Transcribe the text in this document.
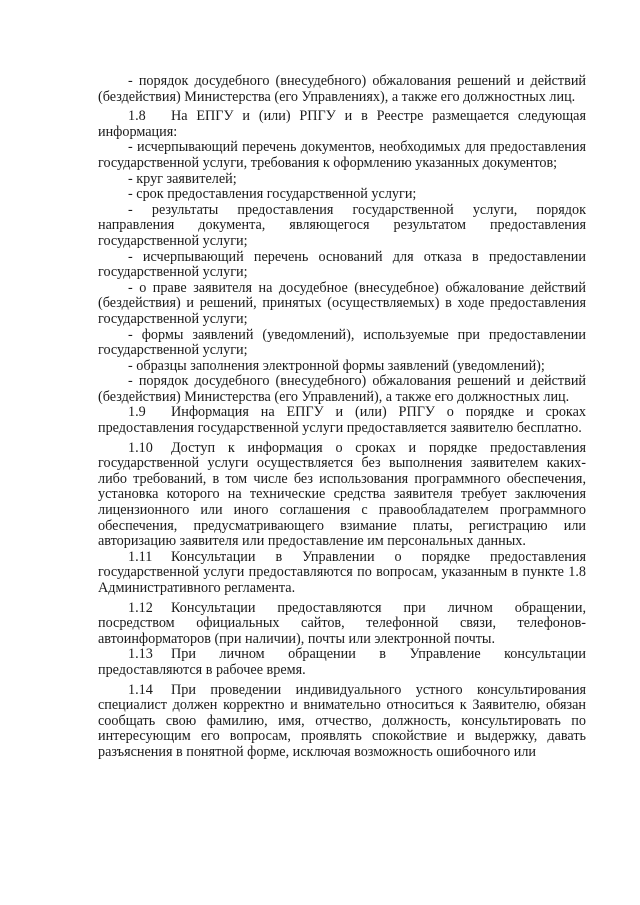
- порядок досудебного (внесудебного) обжалования решений и действий (бездействия) Министерства (его Управлениях), а также его должностных лиц.

1.8 На ЕПГУ и (или) РПГУ и в Реестре размещается следующая информация:

- исчерпывающий перечень документов, необходимых для предоставления государственной услуги, требования к оформлению указанных документов;

- круг заявителей;

- срок предоставления государственной услуги;

- результаты предоставления государственной услуги, порядок направления документа, являющегося результатом предоставления государственной услуги;

- исчерпывающий перечень оснований для отказа в предоставлении государственной услуги;

- о праве заявителя на досудебное (внесудебное) обжалование действий (бездействия) и решений, принятых (осуществляемых) в ходе предоставления государственной услуги;

- формы заявлений (уведомлений), используемые при предоставлении государственной услуги;

- образцы заполнения электронной формы заявлений (уведомлений);

- порядок досудебного (внесудебного) обжалования решений и действий (бездействия) Министерства (его Управлений), а также его должностных лиц.

1.9 Информация на ЕПГУ и (или) РПГУ о порядке и сроках предоставления государственной услуги предоставляется заявителю бесплатно.

1.10 Доступ к информация о сроках и порядке предоставления государственной услуги осуществляется без выполнения заявителем каких-либо требований, в том числе без использования программного обеспечения, установка которого на технические средства заявителя требует заключения лицензионного или иного соглашения с правообладателем программного обеспечения, предусматривающего взимание платы, регистрацию или авторизацию заявителя или предоставление им персональных данных.

1.11 Консультации в Управлении о порядке предоставления государственной услуги предоставляются по вопросам, указанным в пункте 1.8 Административного регламента.

1.12 Консультации предоставляются при личном обращении, посредством официальных сайтов, телефонной связи, телефонов-автоинформаторов (при наличии), почты или электронной почты.

1.13 При личном обращении в Управление консультации предоставляются в рабочее время.

1.14 При проведении индивидуального устного консультирования специалист должен корректно и внимательно относиться к Заявителю, обязан сообщать свою фамилию, имя, отчество, должность, консультировать по интересующим его вопросам, проявлять спокойствие и выдержку, давать разъяснения в понятной форме, исключая возможность ошибочного или
